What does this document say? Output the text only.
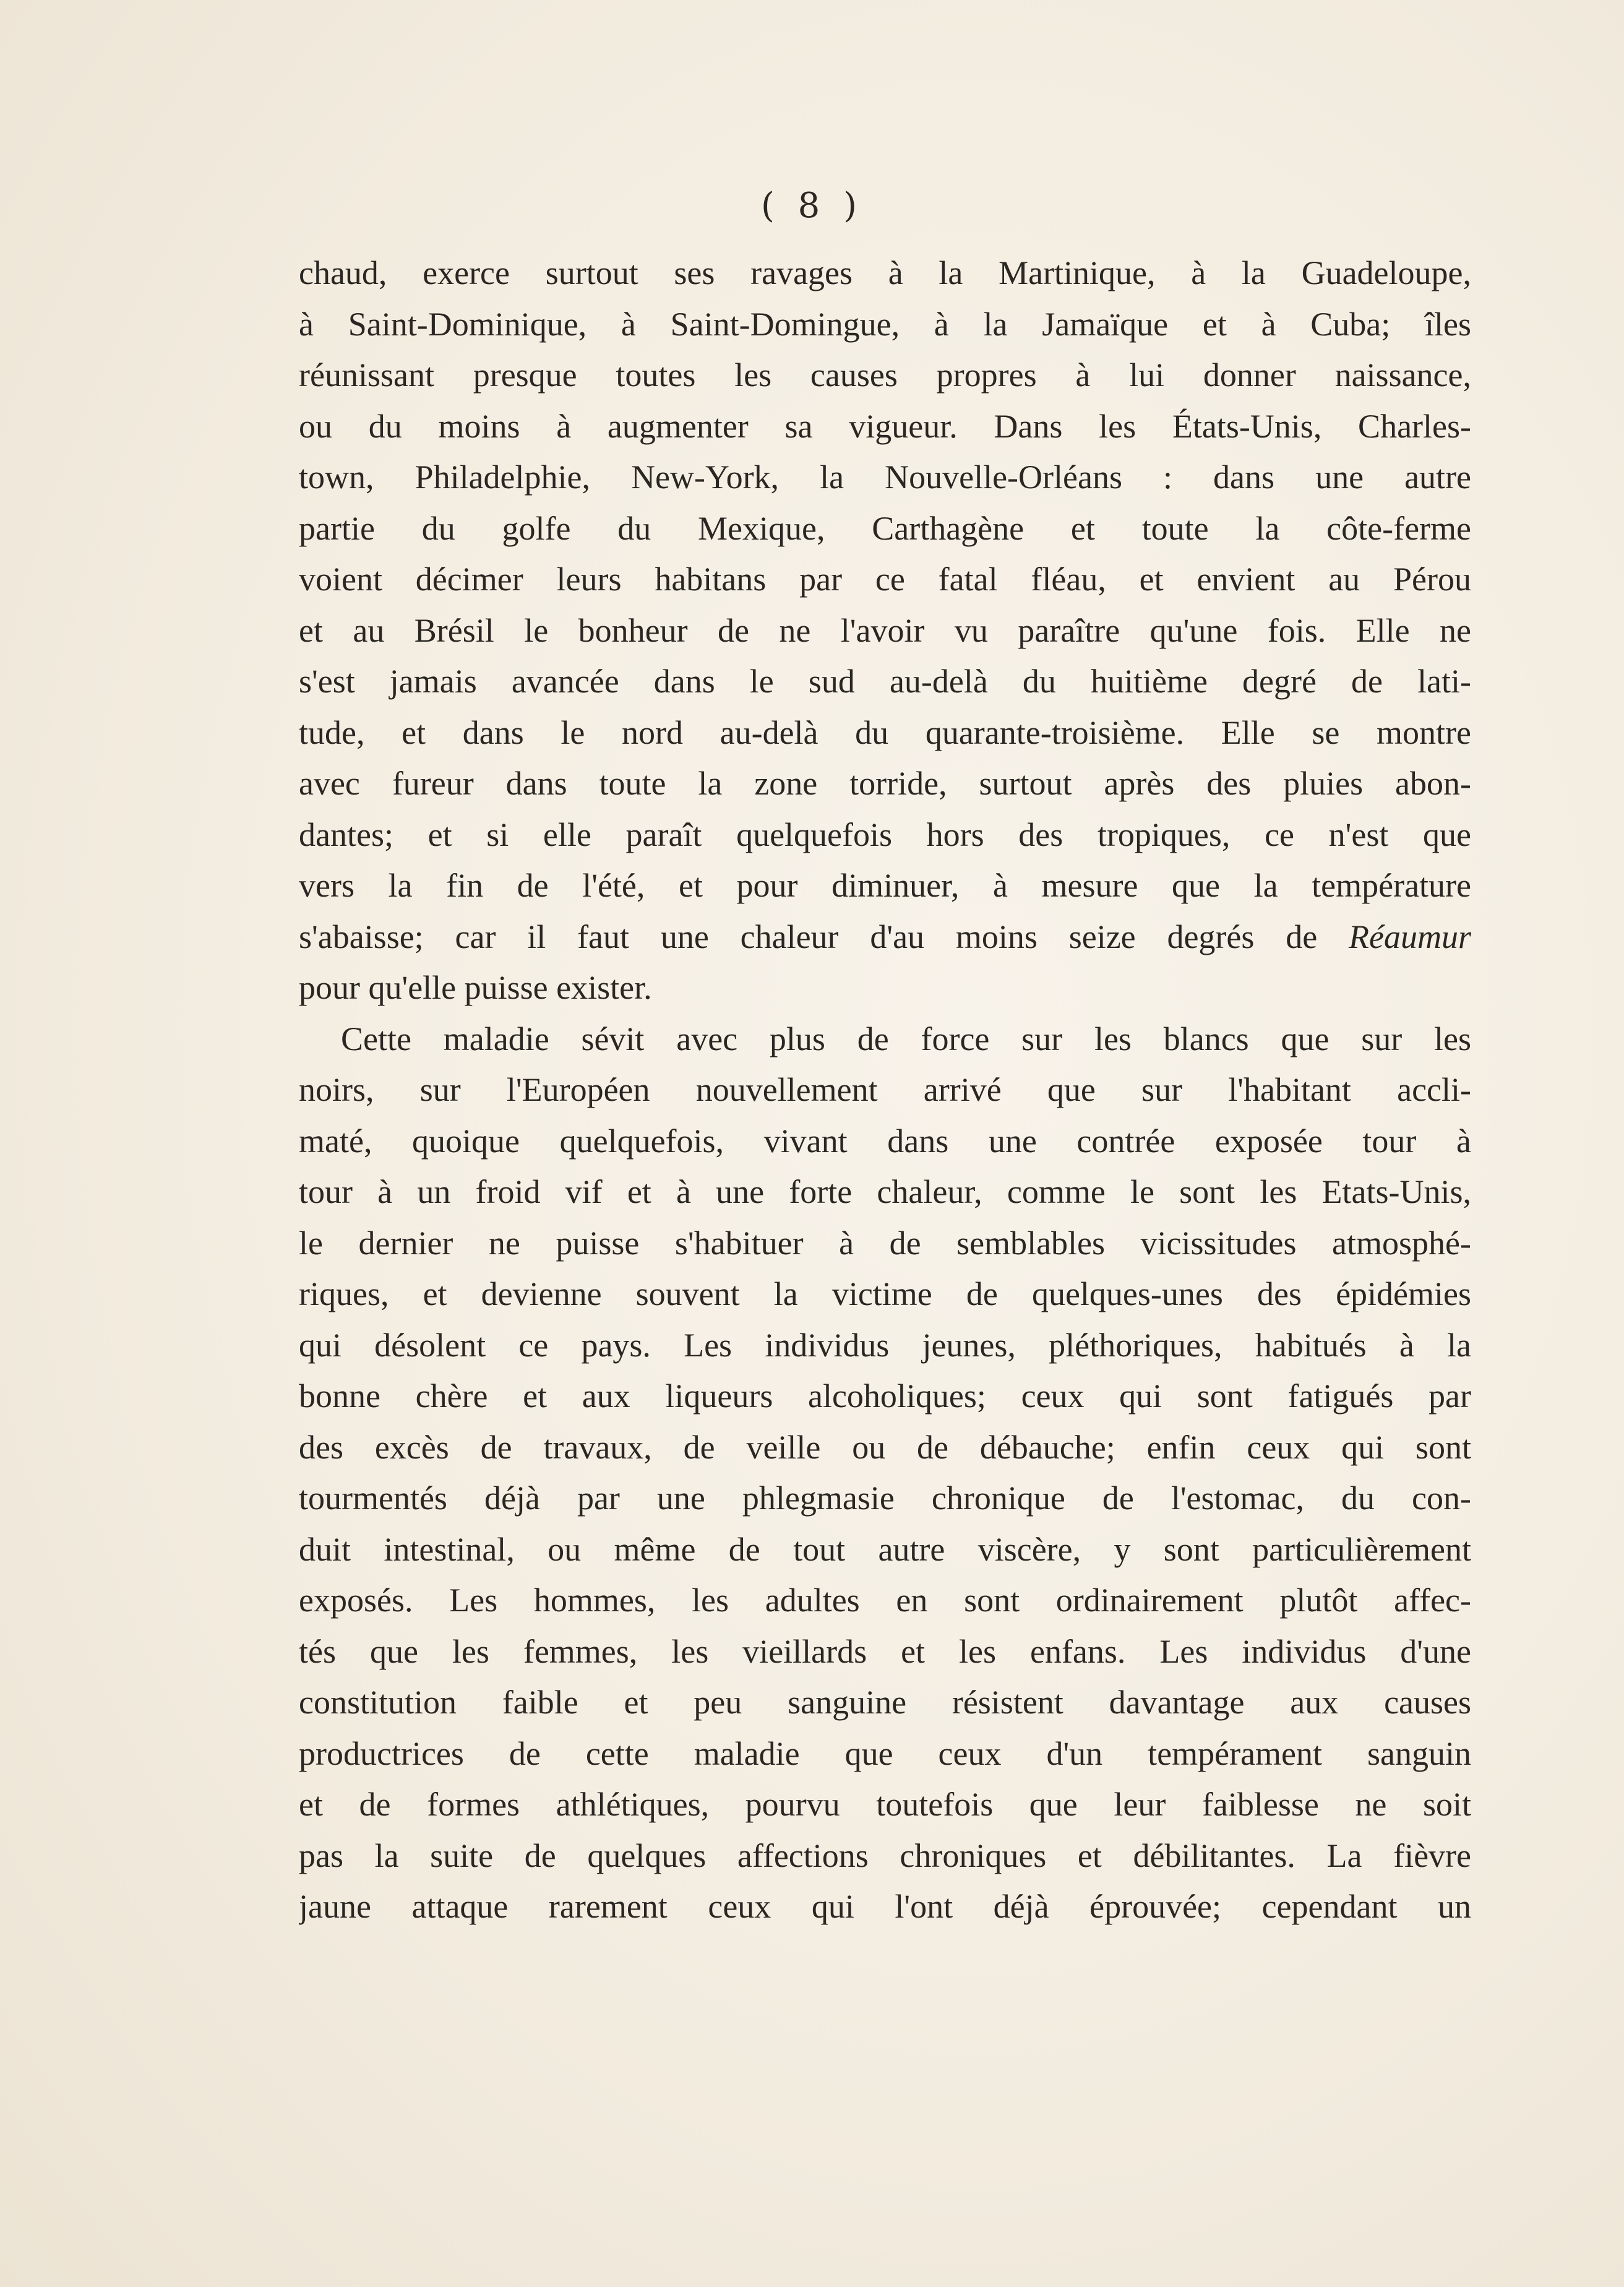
( 8 )
chaud, exerce surtout ses ravages à la Martinique, à la Guadeloupe,
à Saint-Dominique, à Saint-Domingue, à la Jamaïque et à Cuba; îles
réunissant presque toutes les causes propres à lui donner naissance,
ou du moins à augmenter sa vigueur. Dans les États-Unis, Charles-
town, Philadelphie, New-York, la Nouvelle-Orléans : dans une autre
partie du golfe du Mexique, Carthagène et toute la côte-ferme
voient décimer leurs habitans par ce fatal fléau, et envient au Pérou
et au Brésil le bonheur de ne l'avoir vu paraître qu'une fois. Elle ne
s'est jamais avancée dans le sud au-delà du huitième degré de lati-
tude, et dans le nord au-delà du quarante-troisième. Elle se montre
avec fureur dans toute la zone torride, surtout après des pluies abon-
dantes; et si elle paraît quelquefois hors des tropiques, ce n'est que
vers la fin de l'été, et pour diminuer, à mesure que la température
s'abaisse; car il faut une chaleur d'au moins seize degrés de Réaumur
pour qu'elle puisse exister.
Cette maladie sévit avec plus de force sur les blancs que sur les
noirs, sur l'Européen nouvellement arrivé que sur l'habitant accli-
maté, quoique quelquefois, vivant dans une contrée exposée tour à
tour à un froid vif et à une forte chaleur, comme le sont les Etats-Unis,
le dernier ne puisse s'habituer à de semblables vicissitudes atmosphé-
riques, et devienne souvent la victime de quelques-unes des épidémies
qui désolent ce pays. Les individus jeunes, pléthoriques, habitués à la
bonne chère et aux liqueurs alcoholiques; ceux qui sont fatigués par
des excès de travaux, de veille ou de débauche; enfin ceux qui sont
tourmentés déjà par une phlegmasie chronique de l'estomac, du con-
duit intestinal, ou même de tout autre viscère, y sont particulièrement
exposés. Les hommes, les adultes en sont ordinairement plutôt affec-
tés que les femmes, les vieillards et les enfans. Les individus d'une
constitution faible et peu sanguine résistent davantage aux causes
productrices de cette maladie que ceux d'un tempérament sanguin
et de formes athlétiques, pourvu toutefois que leur faiblesse ne soit
pas la suite de quelques affections chroniques et débilitantes. La fièvre
jaune attaque rarement ceux qui l'ont déjà éprouvée; cependant un
